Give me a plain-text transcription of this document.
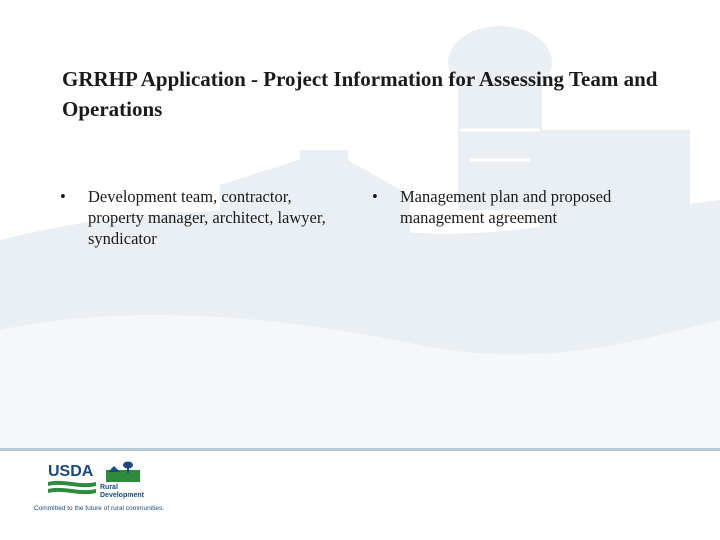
GRRHP Application - Project Information for Assessing Team and Operations
•	Development team, contractor, property manager, architect, lawyer, syndicator
•	Management plan and proposed management agreement
USDA
Rural
Development
Committed to the future of rural communities.
